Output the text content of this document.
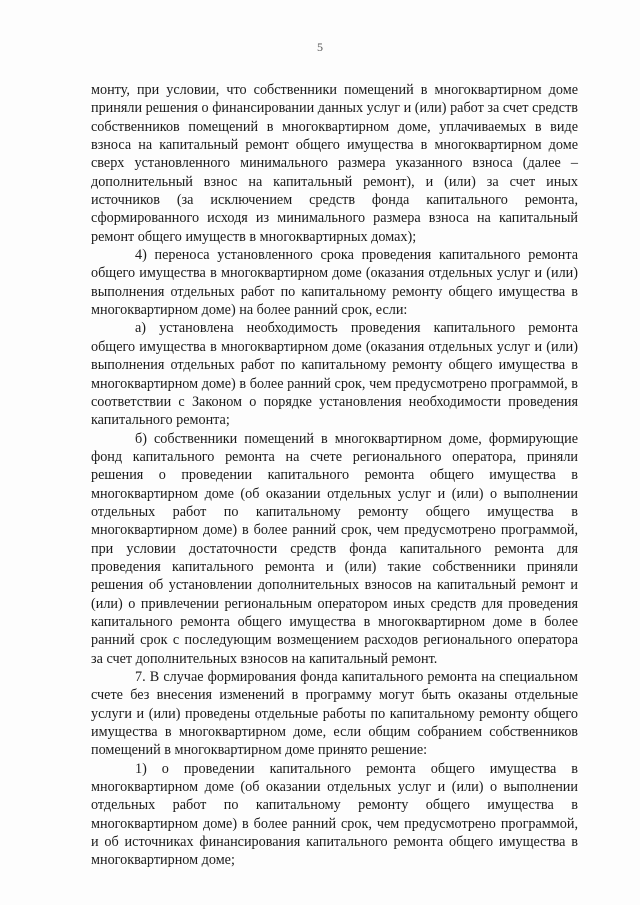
5

монту, при условии, что собственники помещений в многоквартирном доме приняли решения о финансировании данных услуг и (или) работ за счет средств собственников помещений в многоквартирном доме, уплачиваемых в виде взноса на капитальный ремонт общего имущества в многоквартирном доме сверх установленного минимального размера указанного взноса (далее – дополнительный взнос на капитальный ремонт), и (или) за счет иных источников (за исключением средств фонда капитального ремонта, сформированного исходя из минимального размера взноса на капитальный ремонт общего имуществ в многоквартирных домах);

4) переноса установленного срока проведения капитального ремонта общего имущества в многоквартирном доме (оказания отдельных услуг и (или) выполнения отдельных работ по капитальному ремонту общего имущества в многоквартирном доме) на более ранний срок, если:

а) установлена необходимость проведения капитального ремонта общего имущества в многоквартирном доме (оказания отдельных услуг и (или) выполнения отдельных работ по капитальному ремонту общего имущества в многоквартирном доме) в более ранний срок, чем предусмотрено программой, в соответствии с Законом о порядке установления необходимости проведения капитального ремонта;

б) собственники помещений в многоквартирном доме, формирующие фонд капитального ремонта на счете регионального оператора, приняли решения о проведении капитального ремонта общего имущества в многоквартирном доме (об оказании отдельных услуг и (или) о выполнении отдельных работ по капитальному ремонту общего имущества в многоквартирном доме) в более ранний срок, чем предусмотрено программой, при условии достаточности средств фонда капитального ремонта для проведения капитального ремонта и (или) такие собственники приняли решения об установлении дополнительных взносов на капитальный ремонт и (или) о привлечении региональным оператором иных средств для проведения капитального ремонта общего имущества в многоквартирном доме в более ранний срок с последующим возмещением расходов регионального оператора за счет дополнительных взносов на капитальный ремонт.

7. В случае формирования фонда капитального ремонта на специальном счете без внесения изменений в программу могут быть оказаны отдельные услуги и (или) проведены отдельные работы по капитальному ремонту общего имущества в многоквартирном доме, если общим собранием собственников помещений в многоквартирном доме принято решение:

1) о проведении капитального ремонта общего имущества в многоквартирном доме (об оказании отдельных услуг и (или) о выполнении отдельных работ по капитальному ремонту общего имущества в многоквартирном доме) в более ранний срок, чем предусмотрено программой, и об источниках финансирования капитального ремонта общего имущества в многоквартирном доме;
